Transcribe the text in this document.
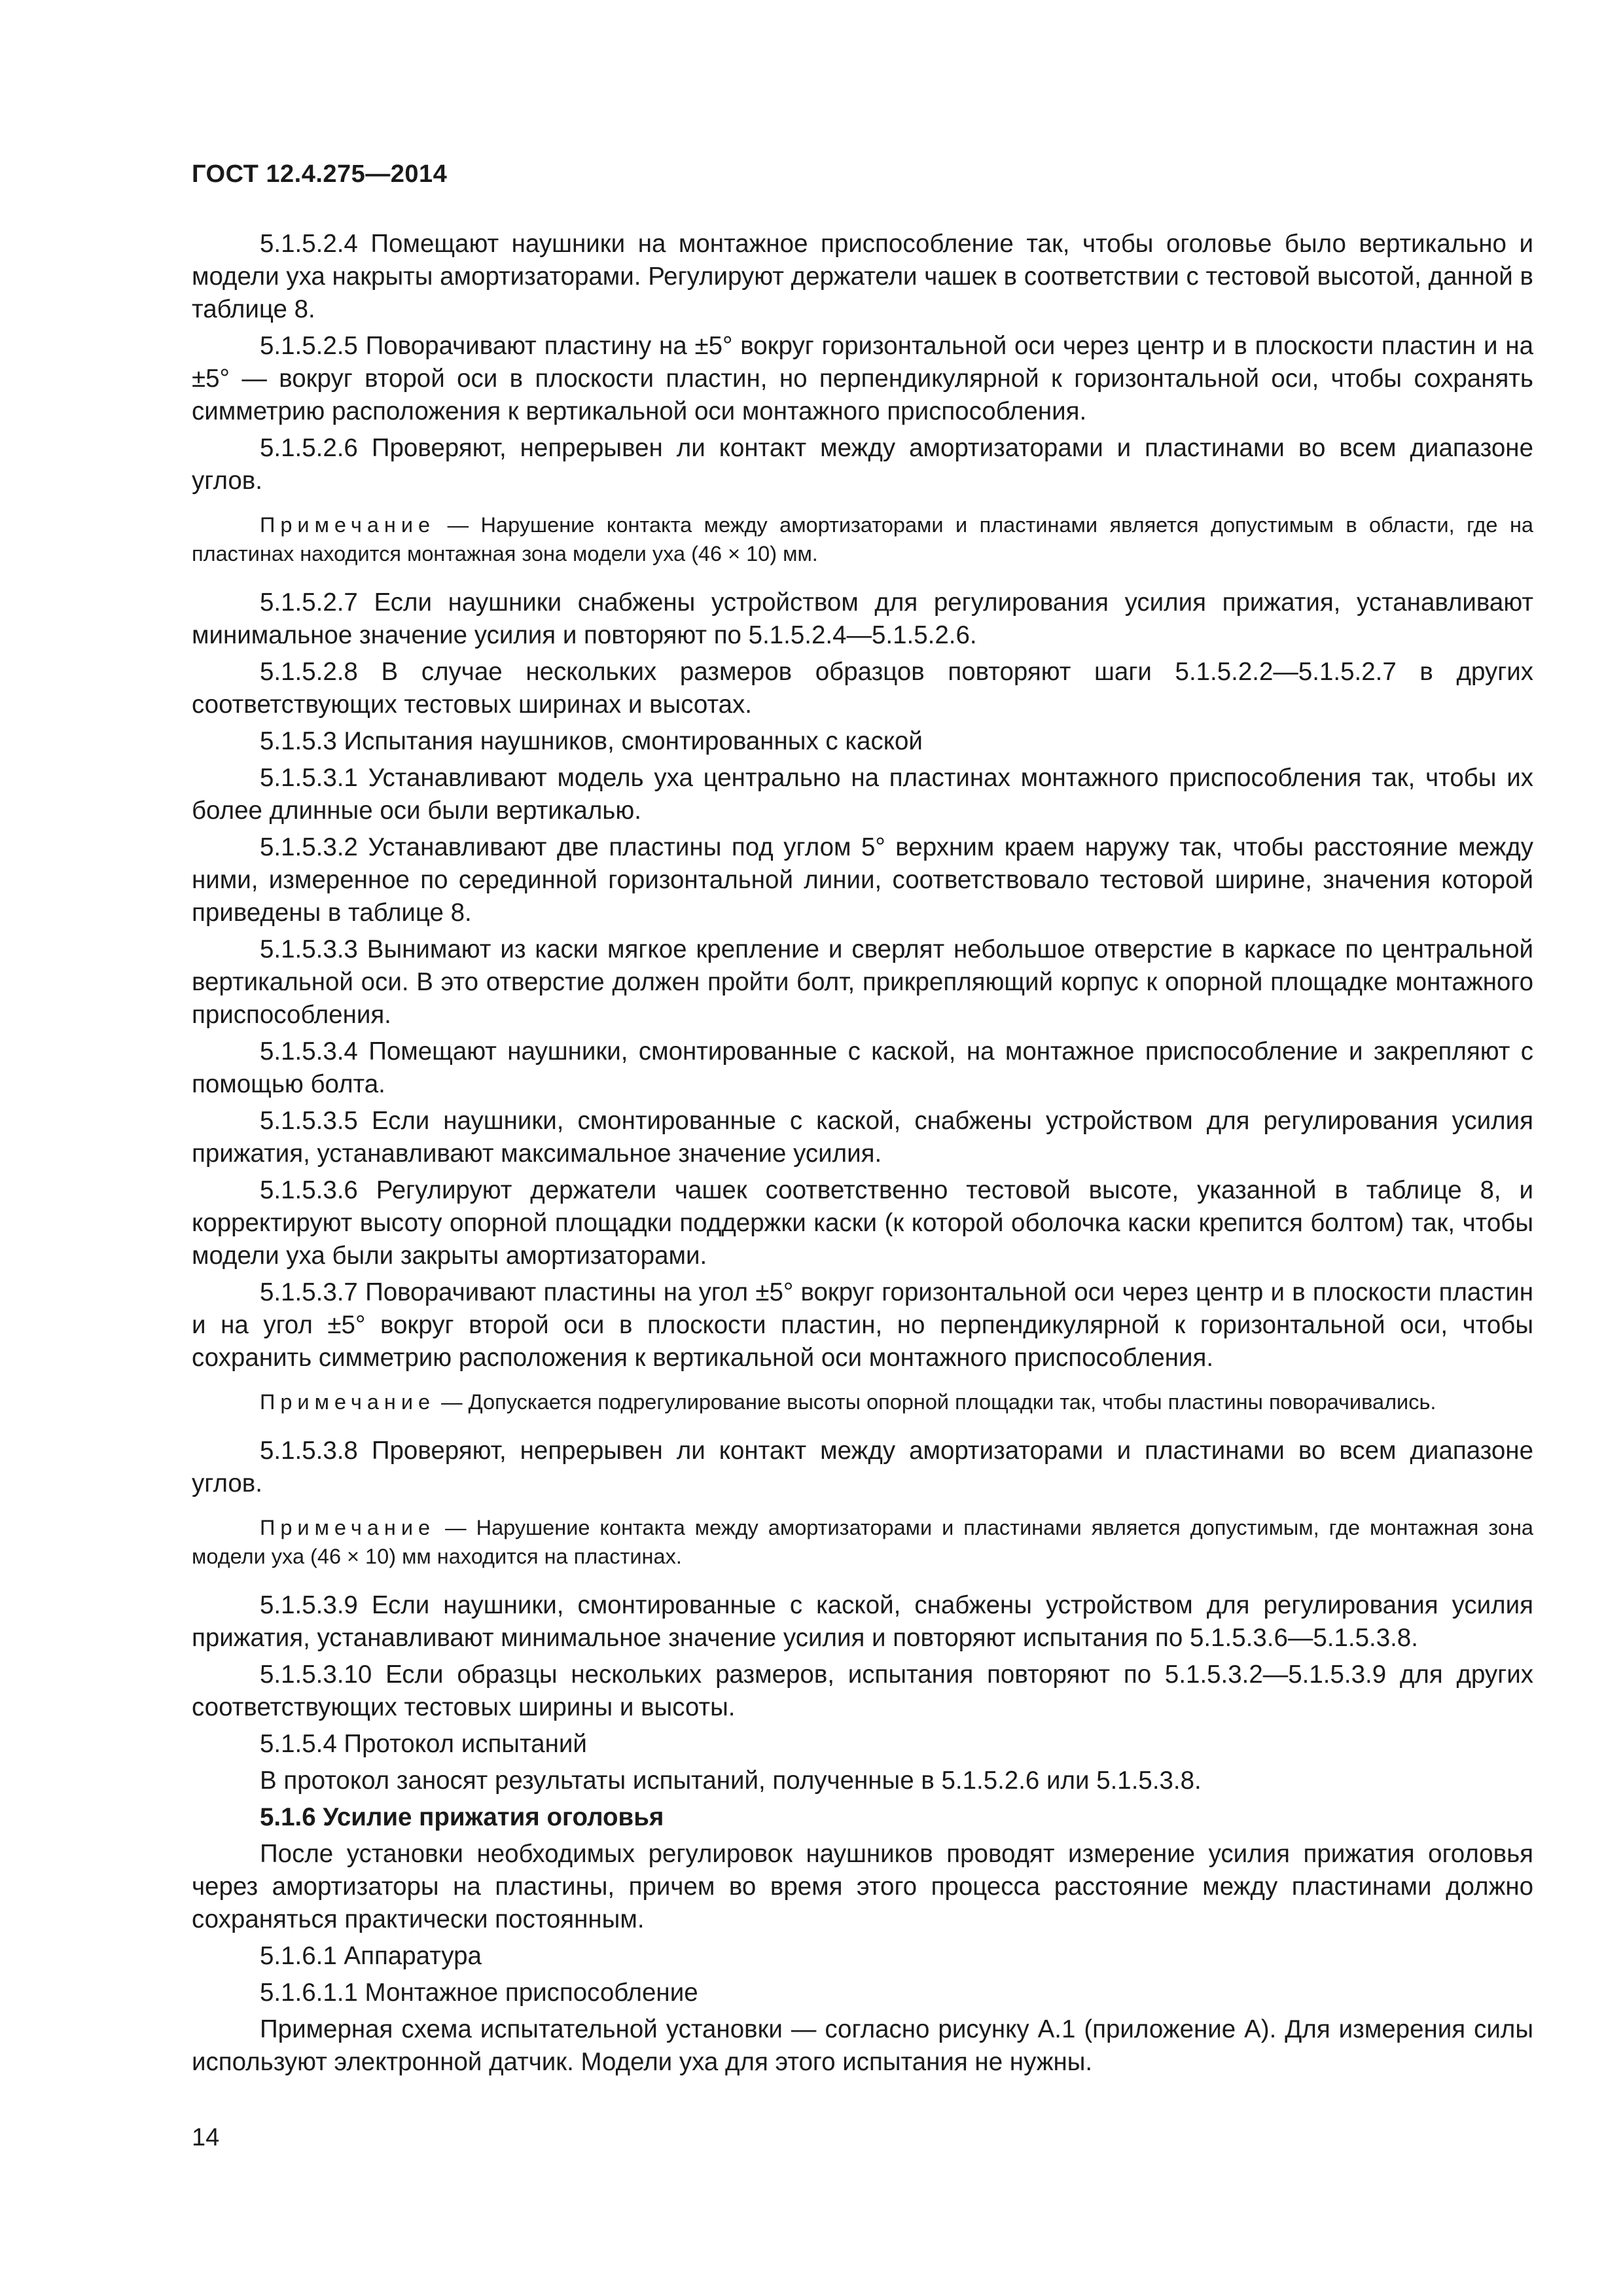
ГОСТ 12.4.275—2014

5.1.5.2.4 Помещают наушники на монтажное приспособление так, чтобы оголовье было вертикально и модели уха накрыты амортизаторами. Регулируют держатели чашек в соответствии с тестовой высотой, данной в таблице 8.

5.1.5.2.5 Поворачивают пластину на ±5° вокруг горизонтальной оси через центр и в плоскости пластин и на ±5° — вокруг второй оси в плоскости пластин, но перпендикулярной к горизонтальной оси, чтобы сохранять симметрию расположения к вертикальной оси монтажного приспособления.

5.1.5.2.6 Проверяют, непрерывен ли контакт между амортизаторами и пластинами во всем диапазоне углов.

Примечание — Нарушение контакта между амортизаторами и пластинами является допустимым в области, где на пластинах находится монтажная зона модели уха (46 × 10) мм.

5.1.5.2.7 Если наушники снабжены устройством для регулирования усилия прижатия, устанавливают минимальное значение усилия и повторяют по 5.1.5.2.4—5.1.5.2.6.

5.1.5.2.8 В случае нескольких размеров образцов повторяют шаги 5.1.5.2.2—5.1.5.2.7 в других соответствующих тестовых ширинах и высотах.

5.1.5.3 Испытания наушников, смонтированных с каской

5.1.5.3.1 Устанавливают модель уха центрально на пластинах монтажного приспособления так, чтобы их более длинные оси были вертикалью.

5.1.5.3.2 Устанавливают две пластины под углом 5° верхним краем наружу так, чтобы расстояние между ними, измеренное по серединной горизонтальной линии, соответствовало тестовой ширине, значения которой приведены в таблице 8.

5.1.5.3.3 Вынимают из каски мягкое крепление и сверлят небольшое отверстие в каркасе по центральной вертикальной оси. В это отверстие должен пройти болт, прикрепляющий корпус к опорной площадке монтажного приспособления.

5.1.5.3.4 Помещают наушники, смонтированные с каской, на монтажное приспособление и закрепляют с помощью болта.

5.1.5.3.5 Если наушники, смонтированные с каской, снабжены устройством для регулирования усилия прижатия, устанавливают максимальное значение усилия.

5.1.5.3.6 Регулируют держатели чашек соответственно тестовой высоте, указанной в таблице 8, и корректируют высоту опорной площадки поддержки каски (к которой оболочка каски крепится болтом) так, чтобы модели уха были закрыты амортизаторами.

5.1.5.3.7 Поворачивают пластины на угол ±5° вокруг горизонтальной оси через центр и в плоскости пластин и на угол ±5° вокруг второй оси в плоскости пластин, но перпендикулярной к горизонтальной оси, чтобы сохранить симметрию расположения к вертикальной оси монтажного приспособления.

Примечание — Допускается подрегулирование высоты опорной площадки так, чтобы пластины поворачивались.

5.1.5.3.8 Проверяют, непрерывен ли контакт между амортизаторами и пластинами во всем диапазоне углов.

Примечание — Нарушение контакта между амортизаторами и пластинами является допустимым, где монтажная зона модели уха (46 × 10) мм находится на пластинах.

5.1.5.3.9 Если наушники, смонтированные с каской, снабжены устройством для регулирования усилия прижатия, устанавливают минимальное значение усилия и повторяют испытания по 5.1.5.3.6—5.1.5.3.8.

5.1.5.3.10 Если образцы нескольких размеров, испытания повторяют по 5.1.5.3.2—5.1.5.3.9 для других соответствующих тестовых ширины и высоты.

5.1.5.4 Протокол испытаний

В протокол заносят результаты испытаний, полученные в 5.1.5.2.6 или 5.1.5.3.8.

5.1.6 Усилие прижатия оголовья

После установки необходимых регулировок наушников проводят измерение усилия прижатия оголовья через амортизаторы на пластины, причем во время этого процесса расстояние между пластинами должно сохраняться практически постоянным.

5.1.6.1 Аппаратура

5.1.6.1.1 Монтажное приспособление

Примерная схема испытательной установки — согласно рисунку А.1 (приложение А). Для измерения силы используют электронной датчик. Модели уха для этого испытания не нужны.

14
